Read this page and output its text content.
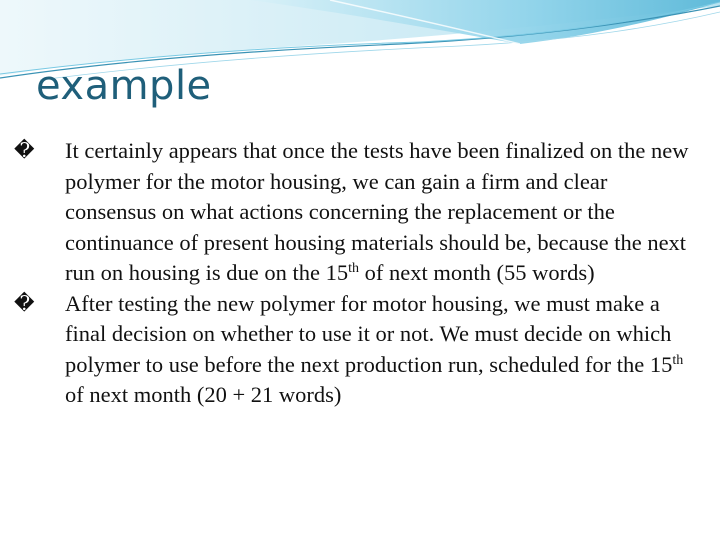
example
�	It certainly appears that once the tests have been finalized on the new polymer for the motor housing, we can gain a firm and clear consensus on what actions concerning the replacement or the continuance of present housing materials should be, because the next run on housing is due on the 15th of next month (55 words)
�	After testing the new polymer for motor housing, we must make a final decision on whether to use it or not. We must decide on which polymer to use before the next production run, scheduled for the 15th of next month (20 + 21 words)
